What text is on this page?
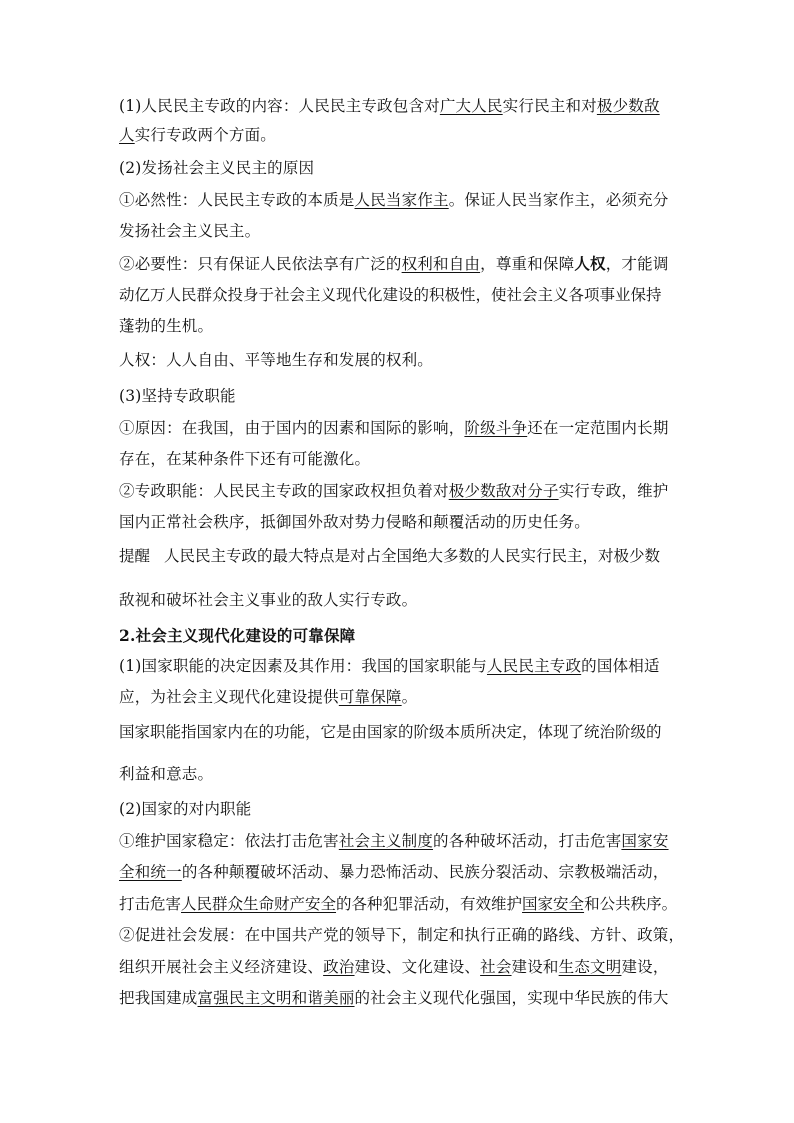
(1)人民民主专政的内容：人民民主专政包含对广大人民实行民主和对极少数敌
人实行专政两个方面。
(2)发扬社会主义民主的原因
①必然性：人民民主专政的本质是人民当家作主。保证人民当家作主，必须充分
发扬社会主义民主。
②必要性：只有保证人民依法享有广泛的权利和自由，尊重和保障人权，才能调
动亿万人民群众投身于社会主义现代化建设的积极性，使社会主义各项事业保持
蓬勃的生机。
人权：人人自由、平等地生存和发展的权利。
(3)坚持专政职能
①原因：在我国，由于国内的因素和国际的影响，阶级斗争还在一定范围内长期
存在，在某种条件下还有可能激化。
②专政职能：人民民主专政的国家政权担负着对极少数敌对分子实行专政，维护
国内正常社会秩序，抵御国外敌对势力侵略和颠覆活动的历史任务。
提醒 人民民主专政的最大特点是对占全国绝大多数的人民实行民主，对极少数
敌视和破坏社会主义事业的敌人实行专政。
2.社会主义现代化建设的可靠保障
(1)国家职能的决定因素及其作用：我国的国家职能与人民民主专政的国体相适
应，为社会主义现代化建设提供可靠保障。
国家职能指国家内在的功能，它是由国家的阶级本质所决定，体现了统治阶级的
利益和意志。
(2)国家的对内职能
①维护国家稳定：依法打击危害社会主义制度的各种破坏活动，打击危害国家安
全和统一的各种颠覆破坏活动、暴力恐怖活动、民族分裂活动、宗教极端活动，
打击危害人民群众生命财产安全的各种犯罪活动，有效维护国家安全和公共秩序。
②促进社会发展：在中国共产党的领导下，制定和执行正确的路线、方针、政策，
组织开展社会主义经济建设、政治建设、文化建设、社会建设和生态文明建设，
把我国建成富强民主文明和谐美丽的社会主义现代化强国，实现中华民族的伟大
